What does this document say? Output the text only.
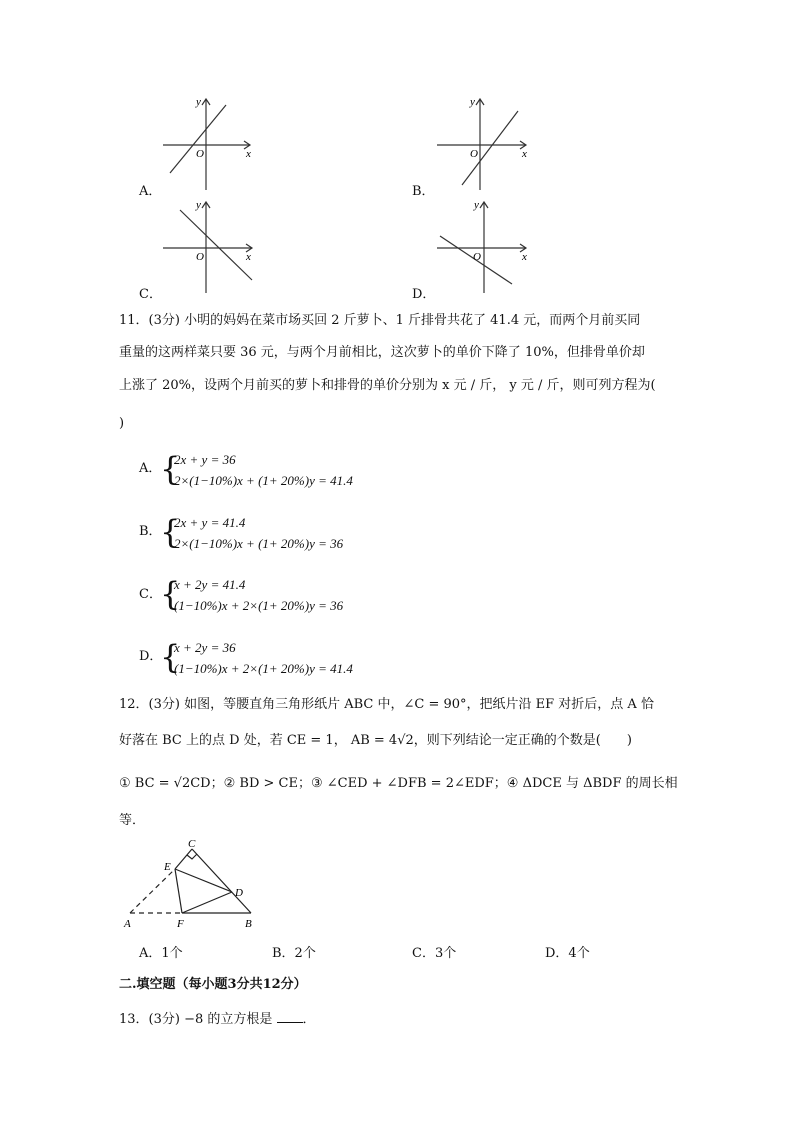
y
x
O
A．
y
x
O
B．
y
x
O
C．
y
x
O
D．
11．(3分) 小明的妈妈在菜市场买回 2 斤萝卜、1 斤排骨共花了 41.4 元，而两个月前买同
重量的这两样菜只要 36 元，与两个月前相比，这次萝卜的单价下降了 10%，但排骨单价却
上涨了 20%，设两个月前买的萝卜和排骨的单价分别为 x 元 / 斤， y 元 / 斤，则可列方程为(
)
A．
{
2x + y = 36
2×(1−10%)x + (1+ 20%)y = 41.4
B．
{
2x + y = 41.4
2×(1−10%)x + (1+ 20%)y = 36
C．
{
x + 2y = 41.4
(1−10%)x + 2×(1+ 20%)y = 36
D．
{
x + 2y = 36
(1−10%)x + 2×(1+ 20%)y = 41.4
12．(3分) 如图，等腰直角三角形纸片 ABC 中，∠C = 90°，把纸片沿 EF 对折后，点 A 恰
好落在 BC 上的点 D 处，若 CE = 1， AB = 4√2，则下列结论一定正确的个数是(　　)
① BC = √2CD；② BD > CE；③ ∠CED + ∠DFB = 2∠EDF；④ ΔDCE 与 ΔBDF 的周长相
等．
C
E
D
A	F	B
A．1个	B．2个	C．3个	D．4个
二.填空题（每小题3分共12分）
13．(3分) −8 的立方根是 ．
